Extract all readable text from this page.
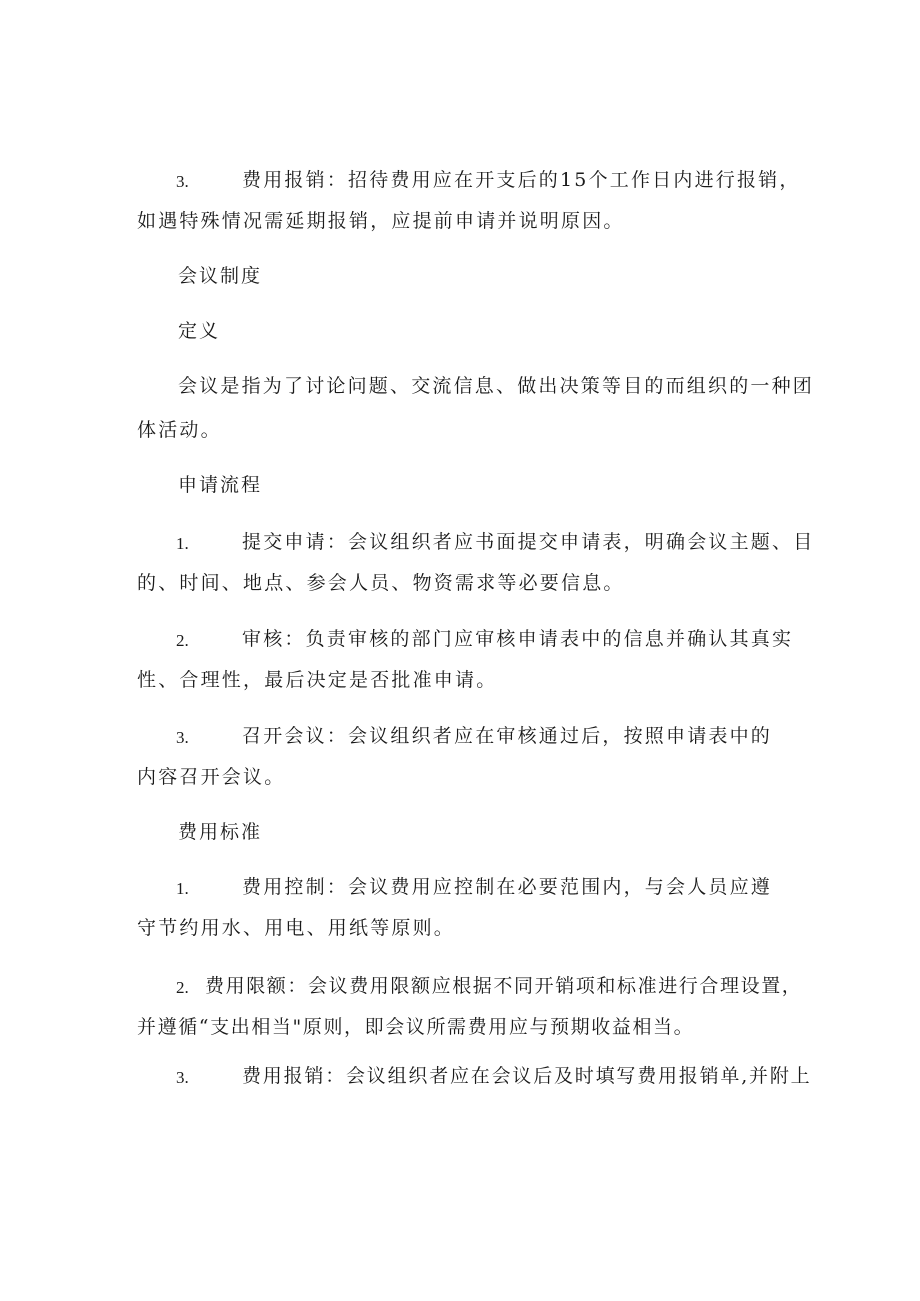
3.	费用报销：招待费用应在开支后的15个工作日内进行报销，
如遇特殊情况需延期报销，应提前申请并说明原因。
会议制度
定义
会议是指为了讨论问题、交流信息、做出决策等目的而组织的一种团
体活动。
申请流程
1.	提交申请：会议组织者应书面提交申请表，明确会议主题、目
的、时间、地点、参会人员、物资需求等必要信息。
2.	审核：负责审核的部门应审核申请表中的信息并确认其真实
性、合理性，最后决定是否批准申请。
3.	召开会议：会议组织者应在审核通过后，按照申请表中的
内容召开会议。
费用标准
1.	费用控制：会议费用应控制在必要范围内，与会人员应遵
守节约用水、用电、用纸等原则。
2. 费用限额：会议费用限额应根据不同开销项和标准进行合理设置，
并遵循“支出相当"原则，即会议所需费用应与预期收益相当。
3.	费用报销：会议组织者应在会议后及时填写费用报销单,并附上
